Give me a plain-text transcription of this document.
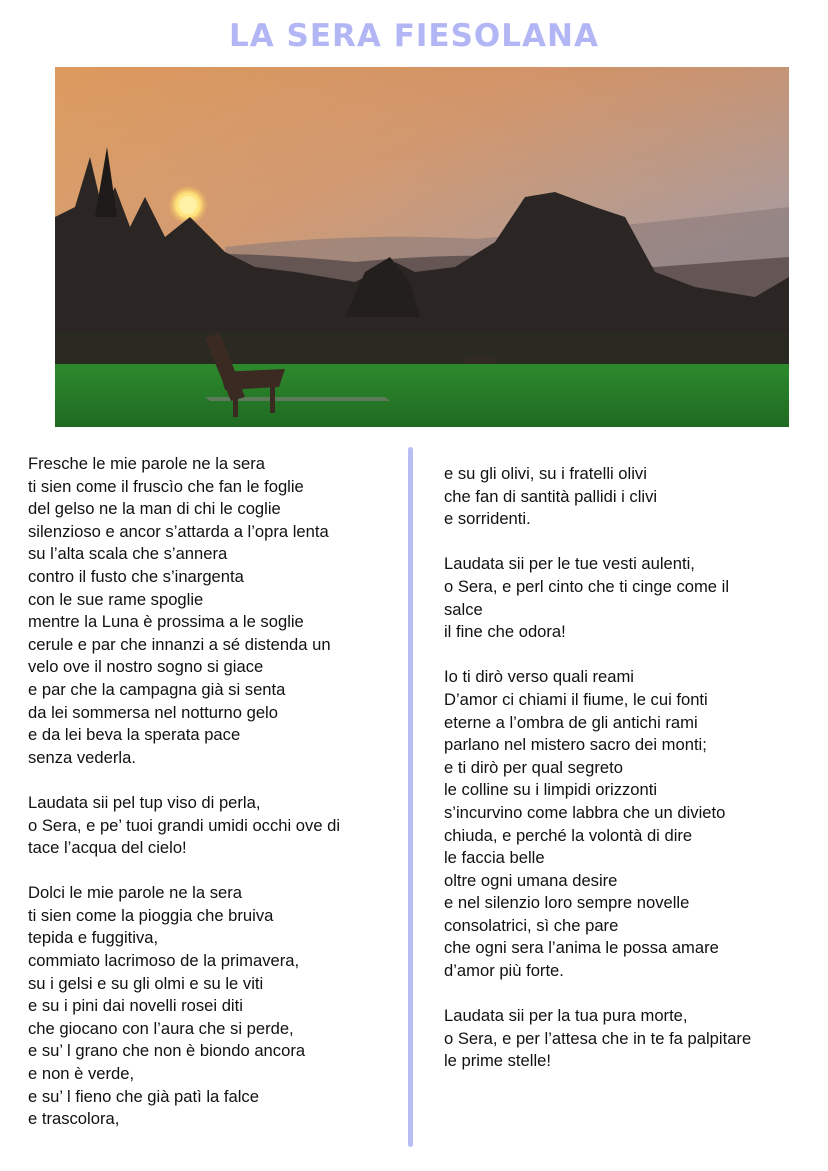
LA SERA FIESOLANA
Fresche le mie parole ne la sera
ti sien come il fruscìo che fan le foglie
del gelso ne la man di chi le coglie
silenzioso e ancor s’attarda a l’opra lenta
su l’alta scala che s’annera
contro il fusto che s’inargenta
con le sue rame spoglie
mentre la Luna è prossima a le soglie
cerule e par che innanzi a sé distenda un
velo ove il nostro sogno si giace
e par che la campagna già si senta
da lei sommersa nel notturno gelo
e da lei beva la sperata pace
senza vederla.
Laudata sii pel tup viso di perla,
o Sera, e pe’ tuoi grandi umidi occhi ove di
tace l’acqua del cielo!
Dolci le mie parole ne la sera
ti sien come la pioggia che bruiva
tepida e fuggitiva,
commiato lacrimoso de la primavera,
su i gelsi e su gli olmi e su le viti
e su i pini dai novelli rosei diti
che giocano con l’aura che si perde,
e su’ l grano che non è biondo ancora
e non è verde,
e su’ l fieno che già patì la falce
e trascolora,
e su gli olivi, su i fratelli olivi
che fan di santità pallidi i clivi
e sorridenti.
Laudata sii per le tue vesti aulenti,
o Sera, e perl cinto che ti cinge come il
salce
il fine che odora!
Io ti dirò verso quali reami
D’amor ci chiami il fiume, le cui fonti
eterne a l’ombra de gli antichi rami
parlano nel mistero sacro dei monti;
e ti dirò per qual segreto
le colline su i limpidi orizzonti
s’incurvino come labbra che un divieto
chiuda, e perché la volontà di dire
le faccia belle
oltre ogni umana desire
e nel silenzio loro sempre novelle
consolatrici, sì che pare
che ogni sera l’anima le possa amare
d’amor più forte.
Laudata sii per la tua pura morte,
o Sera, e per l’attesa che in te fa palpitare
le prime stelle!
